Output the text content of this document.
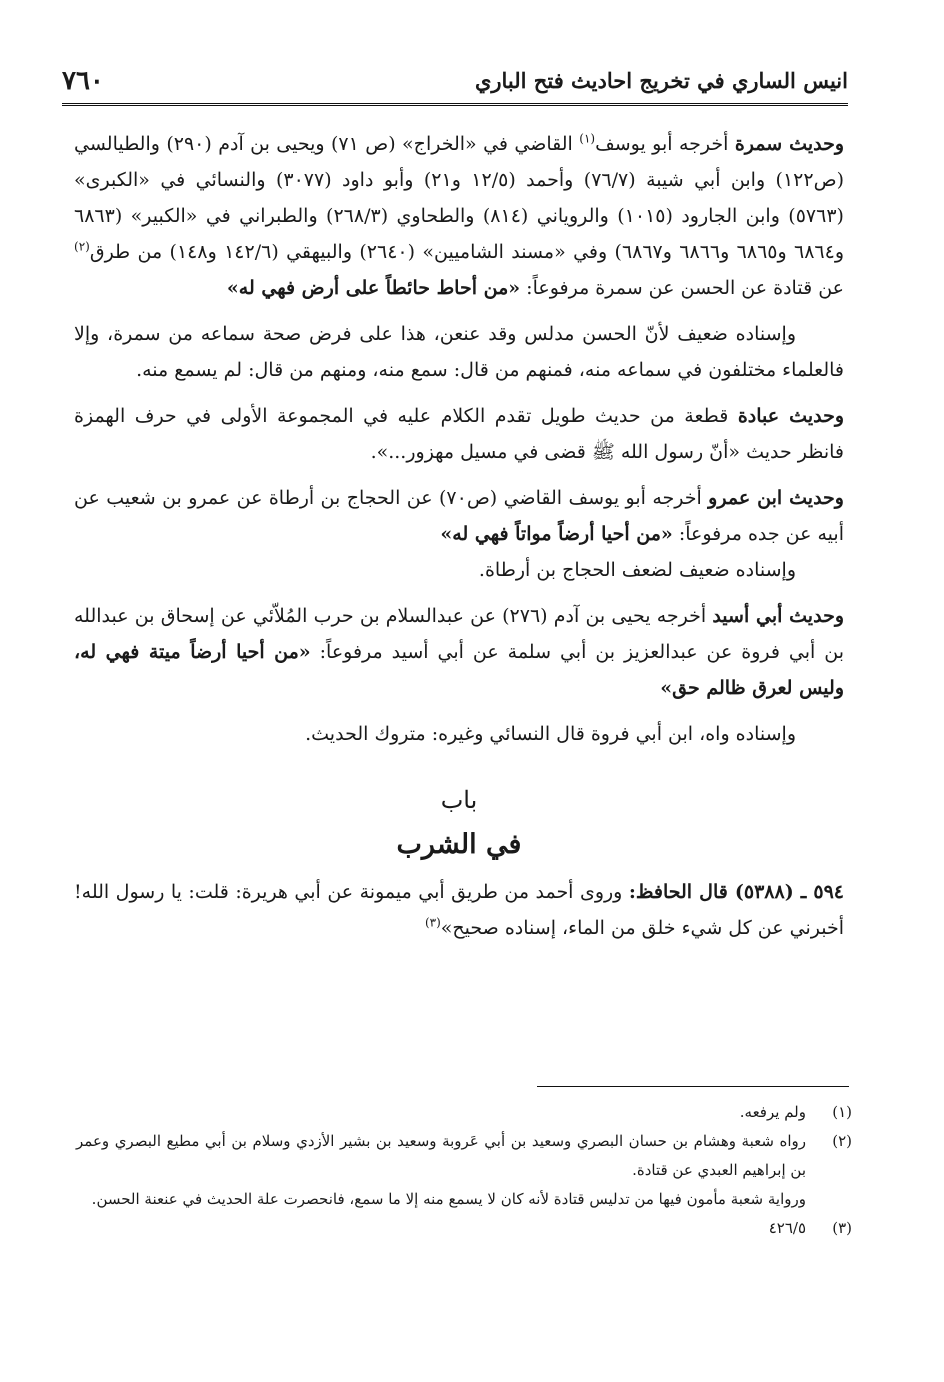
انيس الساري في تخريج احاديث فتح الباري
٧٦٠

وحديث سمرة أخرجه أبو يوسف$^{(١)}$ القاضي في «الخراج» (ص ٧١) ويحيى بن آدم (٢٩٠) والطيالسي (ص١٢٢) وابن أبي شيبة (٧٦/٧) وأحمد (١٢/٥ و٢١) وأبو داود (٣٠٧٧) والنسائي في «الكبرى» (٥٧٦٣) وابن الجارود (١٠١٥) والروياني (٨١٤) والطحاوي (٢٦٨/٣) والطبراني في «الكبير» (٦٨٦٣ و٦٨٦٤ و٦٨٦٥ و٦٨٦٦ و٦٨٦٧) وفي «مسند الشاميين» (٢٦٤٠) والبيهقي (١٤٢/٦ و١٤٨) من طرق$^{(٢)}$ عن قتادة عن الحسن عن سمرة مرفوعاً: «من أحاط حائطاً على أرض فهي له»

وإسناده ضعيف لأنّ الحسن مدلس وقد عنعن، هذا على فرض صحة سماعه من سمرة، وإلا فالعلماء مختلفون في سماعه منه، فمنهم من قال: سمع منه، ومنهم من قال: لم يسمع منه.

وحديث عبادة قطعة من حديث طويل تقدم الكلام عليه في المجموعة الأولى في حرف الهمزة فانظر حديث «أنّ رسول الله ﷺ قضى في مسيل مهزور...».

وحديث ابن عمرو أخرجه أبو يوسف القاضي (ص٧٠) عن الحجاج بن أرطاة عن عمرو بن شعيب عن أبيه عن جده مرفوعاً: «من أحيا أرضاً مواتاً فهي له»

وإسناده ضعيف لضعف الحجاج بن أرطاة.

وحديث أبي أسيد أخرجه يحيى بن آدم (٢٧٦) عن عبدالسلام بن حرب المُلاّئي عن إسحاق بن عبدالله بن أبي فروة عن عبدالعزيز بن أبي سلمة عن أبي أسيد مرفوعاً: «من أحيا أرضاً ميتة فهي له، وليس لعرق ظالم حق»

وإسناده واه، ابن أبي فروة قال النسائي وغيره: متروك الحديث.

باب
في الشرب

٥٩٤ ـ (٥٣٨٨) قال الحافظ: وروى أحمد من طريق أبي ميمونة عن أبي هريرة: قلت: يا رسول الله! أخبرني عن كل شيء خلق من الماء، إسناده صحيح»$^{(٣)}$

(١)
ولم يرفعه.
(٢)
رواه شعبة وهشام بن حسان البصري وسعيد بن أبي عَروبة وسعيد بن بشير الأزدي وسلام بن أبي مطيع البصري وعمر بن إبراهيم العبدي عن قتادة.
ورواية شعبة مأمون فيها من تدليس قتادة لأنه كان لا يسمع منه إلا ما سمع، فانحصرت علة الحديث في عنعنة الحسن.
(٣)
٤٢٦/٥
